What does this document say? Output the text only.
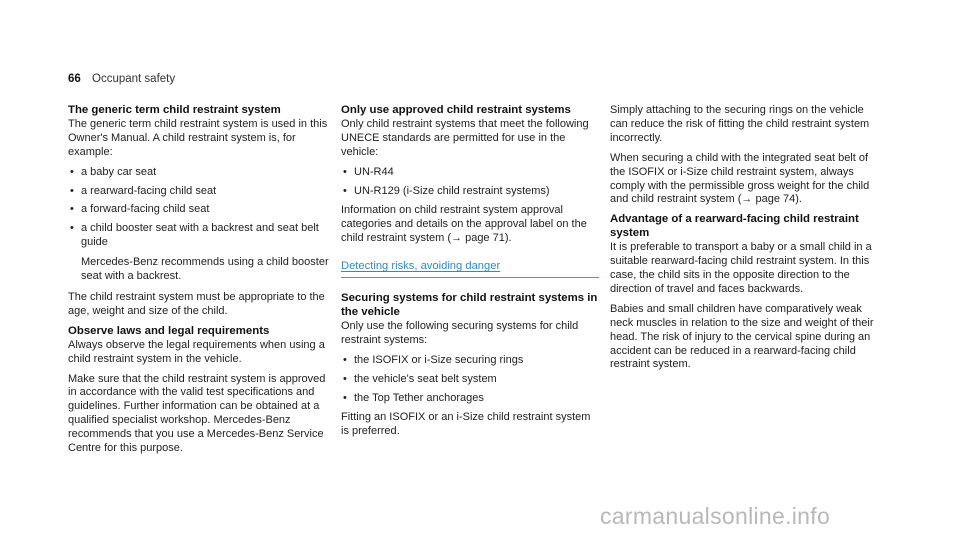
66 Occupant safety
The generic term child restraint system

The generic term child restraint system is used in this Owner's Manual. A child restraint system is, for example:

• a baby car seat
• a rearward-facing child seat
• a forward-facing child seat
• a child booster seat with a backrest and seat belt guide
Mercedes-Benz recommends using a child booster seat with a backrest.

The child restraint system must be appropriate to the age, weight and size of the child.

Observe laws and legal requirements

Always observe the legal requirements when using a child restraint system in the vehicle.

Make sure that the child restraint system is approved in accordance with the valid test specifications and guidelines. Further information can be obtained at a qualified specialist workshop. Mercedes-Benz recommends that you use a Mercedes-Benz Service Centre for this purpose.

Only use approved child restraint systems

Only child restraint systems that meet the following UNECE standards are permitted for use in the vehicle:

• UN-R44
• UN-R129 (i-Size child restraint systems)

Information on child restraint system approval categories and details on the approval label on the child restraint system (→ page 71).

Detecting risks, avoiding danger
Securing systems for child restraint systems in the vehicle

Only use the following securing systems for child restraint systems:

• the ISOFIX or i-Size securing rings
• the vehicle's seat belt system
• the Top Tether anchorages

Fitting an ISOFIX or an i-Size child restraint system is preferred.

Simply attaching to the securing rings on the vehicle can reduce the risk of fitting the child restraint system incorrectly.

When securing a child with the integrated seat belt of the ISOFIX or i-Size child restraint system, always comply with the permissible gross weight for the child and child restraint system (→ page 74).

Advantage of a rearward-facing child restraint system

It is preferable to transport a baby or a small child in a suitable rearward-facing child restraint system. In this case, the child sits in the opposite direction to the direction of travel and faces backwards.

Babies and small children have comparatively weak neck muscles in relation to the size and weight of their head. The risk of injury to the cervical spine during an accident can be reduced in a rearward-facing child restraint system.

carmanualsonline.info
